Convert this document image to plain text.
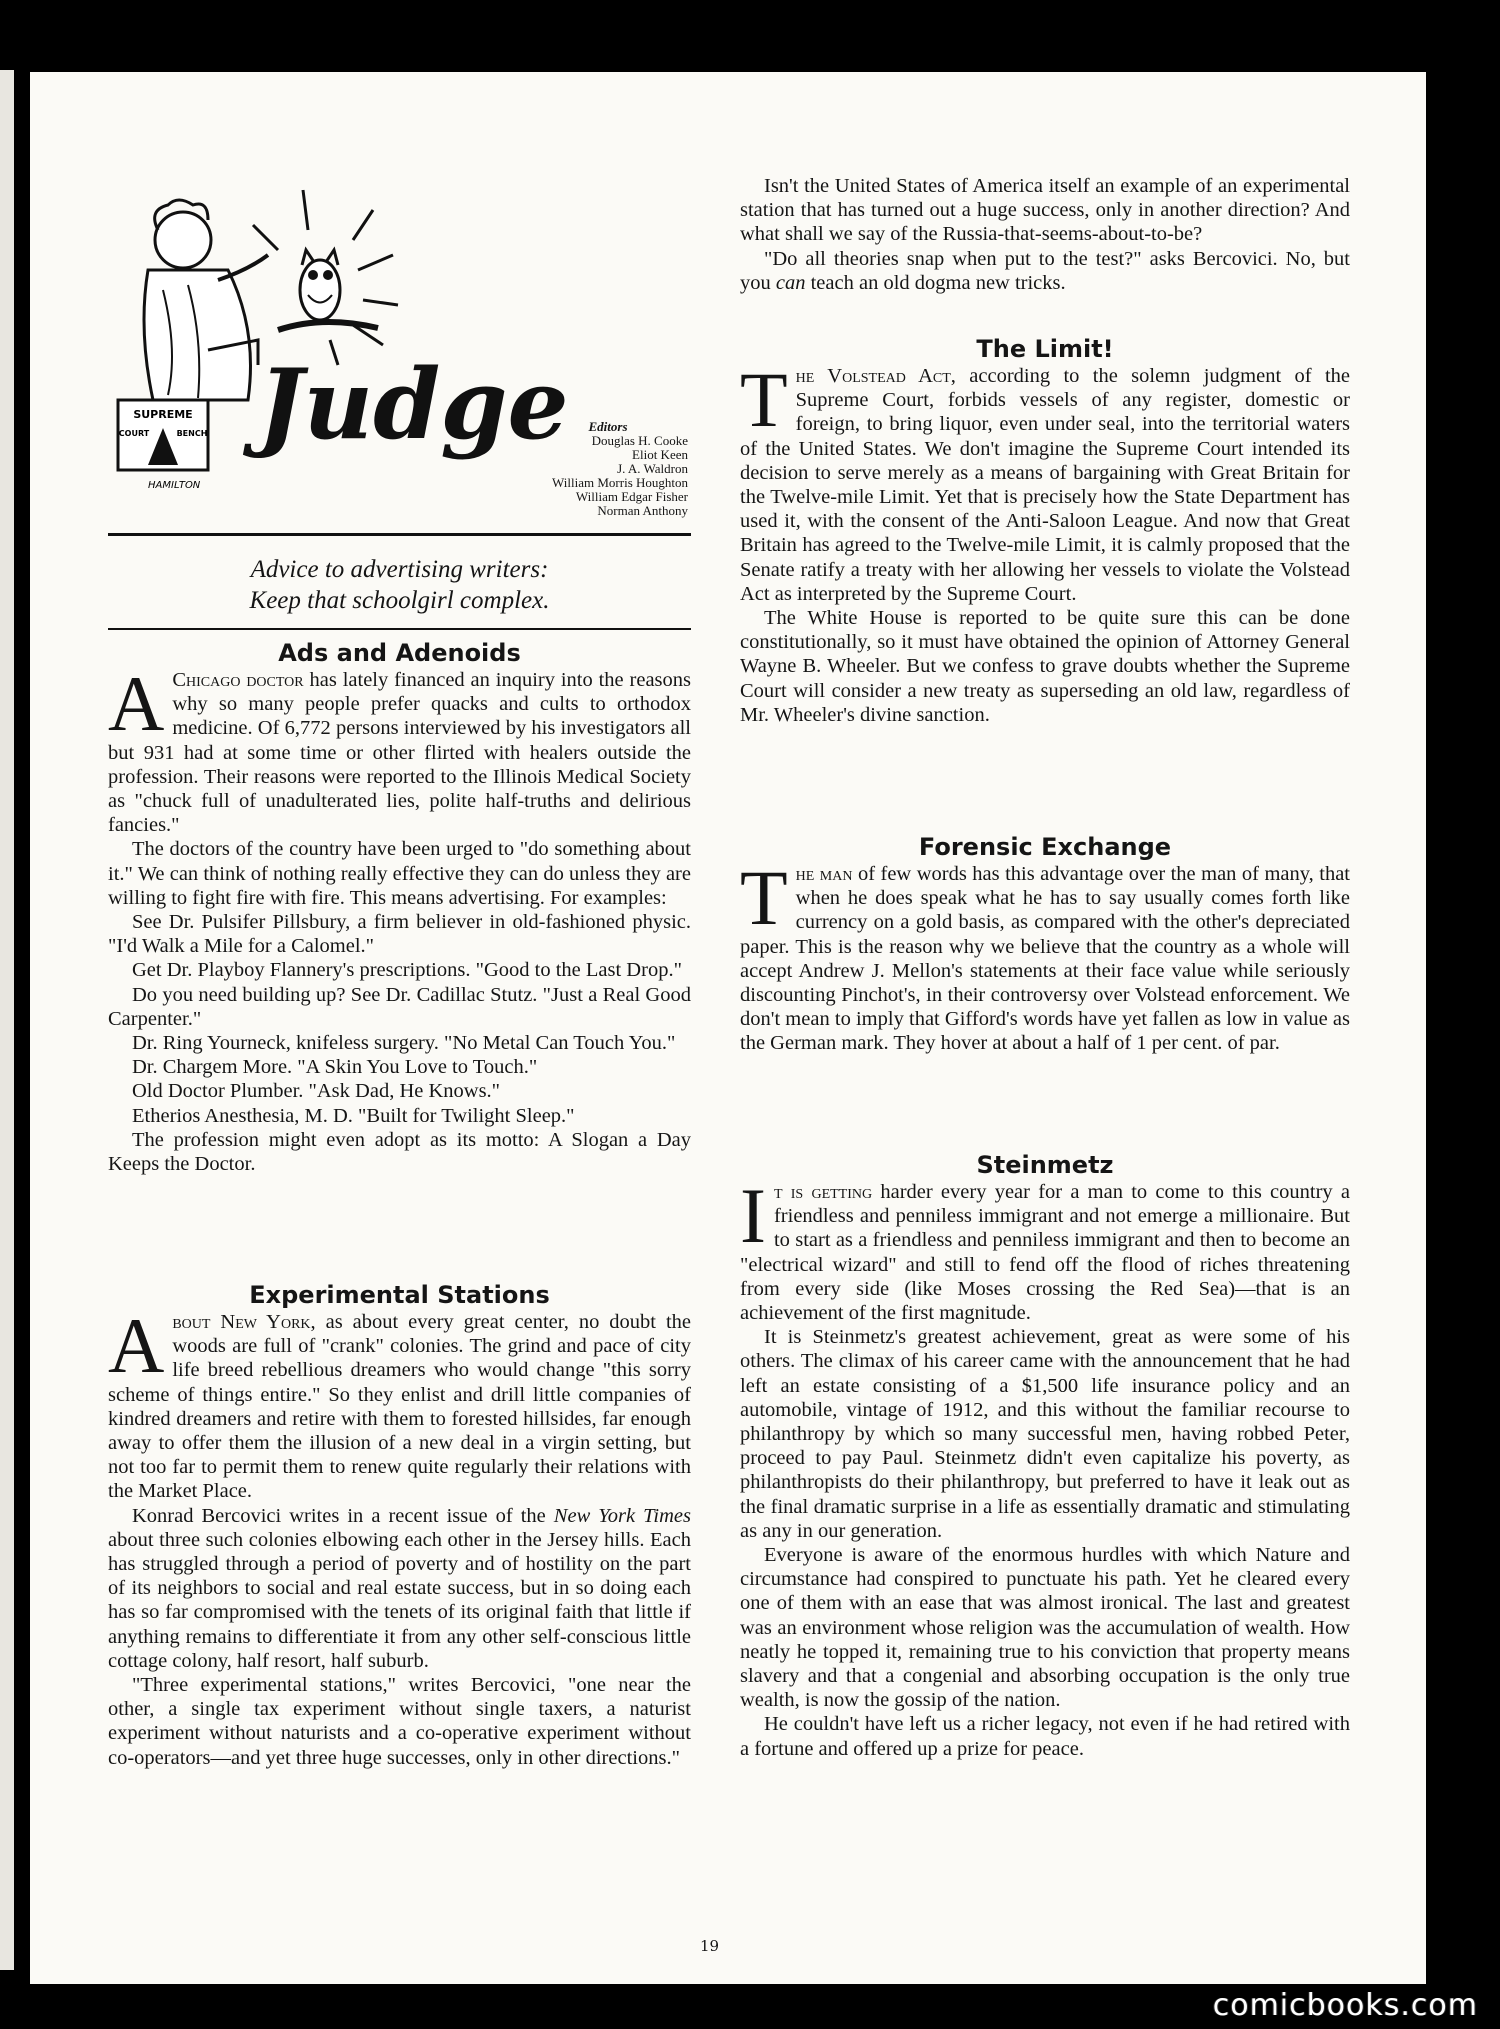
SUPREME
COURT	BENCH
HAMILTON
Judge	Editors
Douglas H. Cooke
Eliot Keen
J. A. Waldron
William Morris Houghton
William Edgar Fisher
Norman Anthony
Advice to advertising writers:
Keep that schoolgirl complex.
Ads and Adenoids

AChicago doctor has lately financed an inquiry into the reasons why so many people prefer quacks and cults to orthodox medicine. Of 6,772 persons interviewed by his investigators all but 931 had at some time or other flirted with healers outside the profession. Their reasons were reported to the Illinois Medical Society as "chuck full of unadulterated lies, polite half-truths and delirious fancies."

The doctors of the country have been urged to "do something about it." We can think of nothing really effective they can do unless they are willing to fight fire with fire. This means advertising. For examples:

See Dr. Pulsifer Pillsbury, a firm believer in old-fashioned physic. "I'd Walk a Mile for a Calomel."

Get Dr. Playboy Flannery's prescriptions. "Good to the Last Drop."

Do you need building up? See Dr. Cadillac Stutz. "Just a Real Good Carpenter."

Dr. Ring Yourneck, knifeless surgery. "No Metal Can Touch You."

Dr. Chargem More. "A Skin You Love to Touch."

Old Doctor Plumber. "Ask Dad, He Knows."

Etherios Anesthesia, M. D. "Built for Twilight Sleep."

The profession might even adopt as its motto: A Slogan a Day Keeps the Doctor.

Experimental Stations

About New York, as about every great center, no doubt the woods are full of "crank" colonies. The grind and pace of city life breed rebellious dreamers who would change "this sorry scheme of things entire." So they enlist and drill little companies of kindred dreamers and retire with them to forested hillsides, far enough away to offer them the illusion of a new deal in a virgin setting, but not too far to permit them to renew quite regularly their relations with the Market Place.

Konrad Bercovici writes in a recent issue of the New York Times about three such colonies elbowing each other in the Jersey hills. Each has struggled through a period of poverty and of hostility on the part of its neighbors to social and real estate success, but in so doing each has so far compromised with the tenets of its original faith that little if anything remains to differentiate it from any other self-conscious little cottage colony, half resort, half suburb.

"Three experimental stations," writes Bercovici, "one near the other, a single tax experiment without single taxers, a naturist experiment without naturists and a co-operative experiment without co-operators—and yet three huge successes, only in other directions."

Isn't the United States of America itself an example of an experimental station that has turned out a huge success, only in another direction? And what shall we say of the Russia-that-seems-about-to-be?

"Do all theories snap when put to the test?" asks Bercovici. No, but you can teach an old dogma new tricks.

The Limit!

The Volstead Act, according to the solemn judgment of the Supreme Court, forbids vessels of any register, domestic or foreign, to bring liquor, even under seal, into the territorial waters of the United States. We don't imagine the Supreme Court intended its decision to serve merely as a means of bargaining with Great Britain for the Twelve-mile Limit. Yet that is precisely how the State Department has used it, with the consent of the Anti-Saloon League. And now that Great Britain has agreed to the Twelve-mile Limit, it is calmly proposed that the Senate ratify a treaty with her allowing her vessels to violate the Volstead Act as interpreted by the Supreme Court.

The White House is reported to be quite sure this can be done constitutionally, so it must have obtained the opinion of Attorney General Wayne B. Wheeler. But we confess to grave doubts whether the Supreme Court will consider a new treaty as superseding an old law, regardless of Mr. Wheeler's divine sanction.

Forensic Exchange

The man of few words has this advantage over the man of many, that when he does speak what he has to say usually comes forth like currency on a gold basis, as compared with the other's depreciated paper. This is the reason why we believe that the country as a whole will accept Andrew J. Mellon's statements at their face value while seriously discounting Pinchot's, in their controversy over Volstead enforcement. We don't mean to imply that Gifford's words have yet fallen as low in value as the German mark. They hover at about a half of 1 per cent. of par.

Steinmetz

It is getting harder every year for a man to come to this country a friendless and penniless immigrant and not emerge a millionaire. But to start as a friendless and penniless immigrant and then to become an "electrical wizard" and still to fend off the flood of riches threatening from every side (like Moses crossing the Red Sea)—that is an achievement of the first magnitude.

It is Steinmetz's greatest achievement, great as were some of his others. The climax of his career came with the announcement that he had left an estate consisting of a $1,500 life insurance policy and an automobile, vintage of 1912, and this without the familiar recourse to philanthropy by which so many successful men, having robbed Peter, proceed to pay Paul. Steinmetz didn't even capitalize his poverty, as philanthropists do their philanthropy, but preferred to have it leak out as the final dramatic surprise in a life as essentially dramatic and stimulating as any in our generation.

Everyone is aware of the enormous hurdles with which Nature and circumstance had conspired to punctuate his path. Yet he cleared every one of them with an ease that was almost ironical. The last and greatest was an environment whose religion was the accumulation of wealth. How neatly he topped it, remaining true to his conviction that property means slavery and that a congenial and absorbing occupation is the only true wealth, is now the gossip of the nation.

He couldn't have left us a richer legacy, not even if he had retired with a fortune and offered up a prize for peace.

19
comicbooks.com
